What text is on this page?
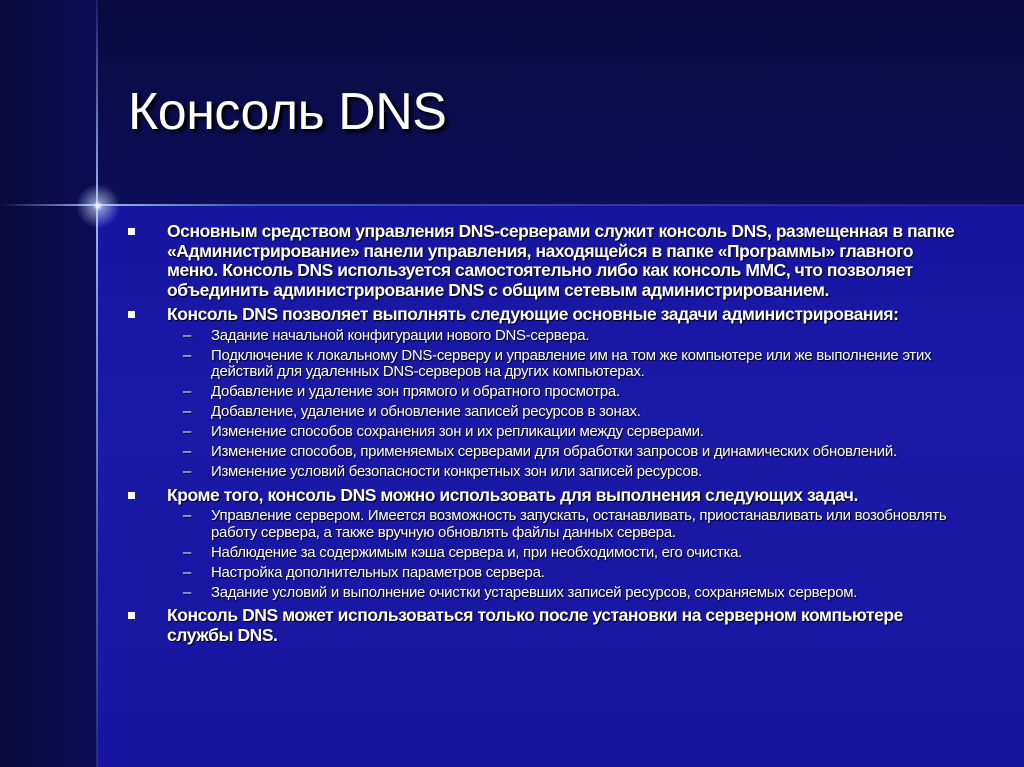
Консоль DNS
Основным средством управления DNS-серверами служит консоль DNS, размещенная в папке «Администрирование» панели управления, находящейся в папке «Программы» главного меню. Консоль DNS используется самостоятельно либо как консоль MMC, что позволяет объединить администрирование DNS с общим сетевым администрированием.
Консоль DNS позволяет выполнять следующие основные задачи администрирования:
– Задание начальной конфигурации нового DNS-сервера.
– Подключение к локальному DNS-серверу и управление им на том же компьютере или же выполнение этих действий для удаленных DNS-серверов на других компьютерах.
– Добавление и удаление зон прямого и обратного просмотра.
– Добавление, удаление и обновление записей ресурсов в зонах.
– Изменение способов сохранения зон и их репликации между серверами.
– Изменение способов, применяемых серверами для обработки запросов и динамических обновлений.
– Изменение условий безопасности конкретных зон или записей ресурсов.
Кроме того, консоль DNS можно использовать для выполнения следующих задач.
– Управление сервером. Имеется возможность запускать, останавливать, приостанавливать или возобновлять работу сервера, а также вручную обновлять файлы данных сервера.
– Наблюдение за содержимым кэша сервера и, при необходимости, его очистка.
– Настройка дополнительных параметров сервера.
– Задание условий и выполнение очистки устаревших записей ресурсов, сохраняемых сервером.
Консоль DNS может использоваться только после установки на серверном компьютере службы DNS.
